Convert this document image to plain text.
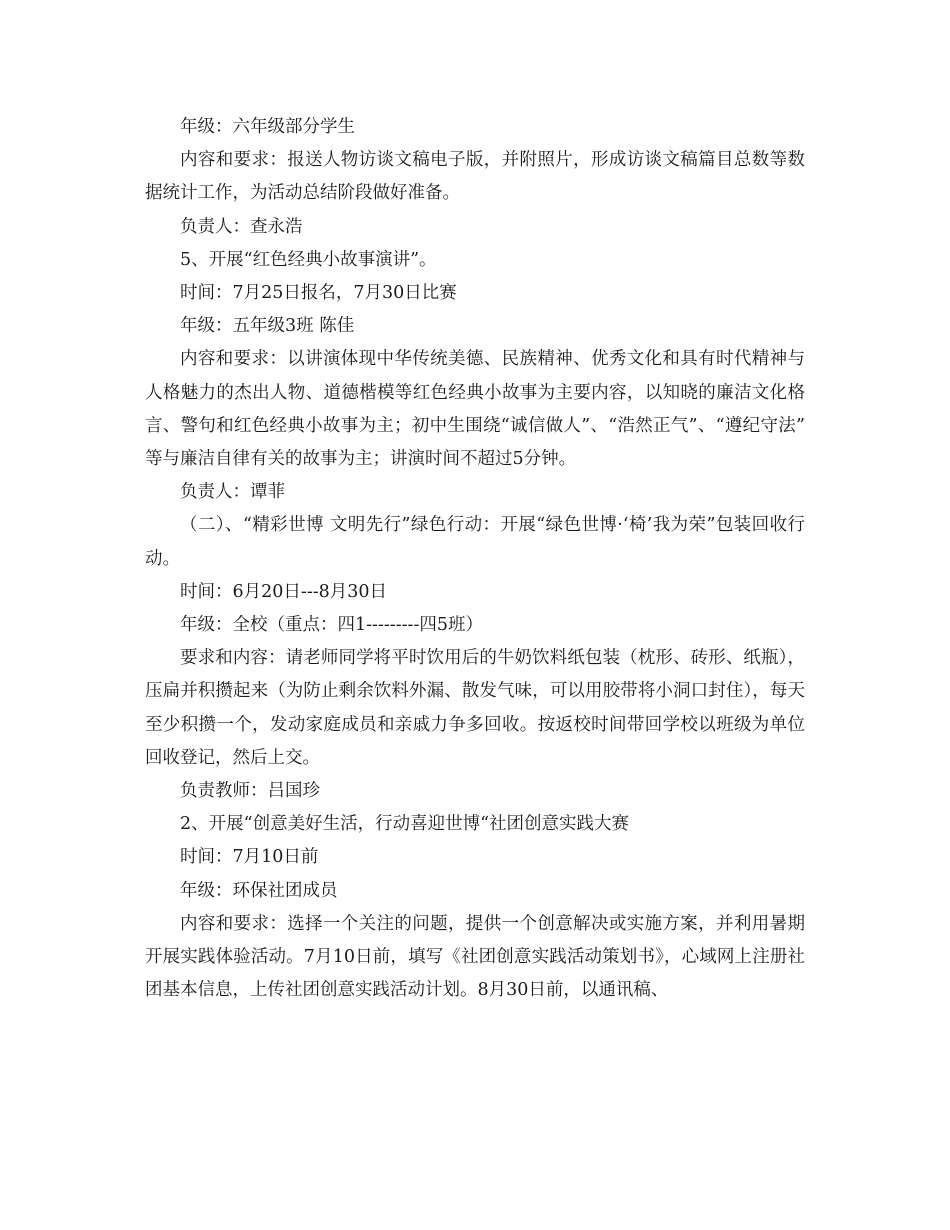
年级：六年级部分学生

内容和要求：报送人物访谈文稿电子版，并附照片，形成访谈文稿篇目总数等数据统计工作，为活动总结阶段做好准备。

负责人：查永浩

5、开展“红色经典小故事演讲”。

时间：7月25日报名，7月30日比赛

年级：五年级3班 陈佳

内容和要求：以讲演体现中华传统美德、民族精神、优秀文化和具有时代精神与人格魅力的杰出人物、道德楷模等红色经典小故事为主要内容，以知晓的廉洁文化格言、警句和红色经典小故事为主；初中生围绕“诚信做人”、“浩然正气”、“遵纪守法”等与廉洁自律有关的故事为主；讲演时间不超过5分钟。

负责人：谭菲

（二）、“精彩世博 文明先行”绿色行动：开展“绿色世博·‘椅’我为荣”包装回收行动。

时间：6月20日---8月30日

年级：全校（重点：四1---------四5班）

要求和内容：请老师同学将平时饮用后的牛奶饮料纸包装（枕形、砖形、纸瓶），压扁并积攒起来（为防止剩余饮料外漏、散发气味，可以用胶带将小洞口封住），每天至少积攒一个，发动家庭成员和亲戚力争多回收。按返校时间带回学校以班级为单位回收登记，然后上交。

负责教师：吕国珍

2、开展“创意美好生活，行动喜迎世博“社团创意实践大赛

时间：7月10日前

年级：环保社团成员

内容和要求：选择一个关注的问题，提供一个创意解决或实施方案，并利用暑期开展实践体验活动。7月10日前，填写《社团创意实践活动策划书》，心域网上注册社团基本信息，上传社团创意实践活动计划。8月30日前，以通讯稿、
